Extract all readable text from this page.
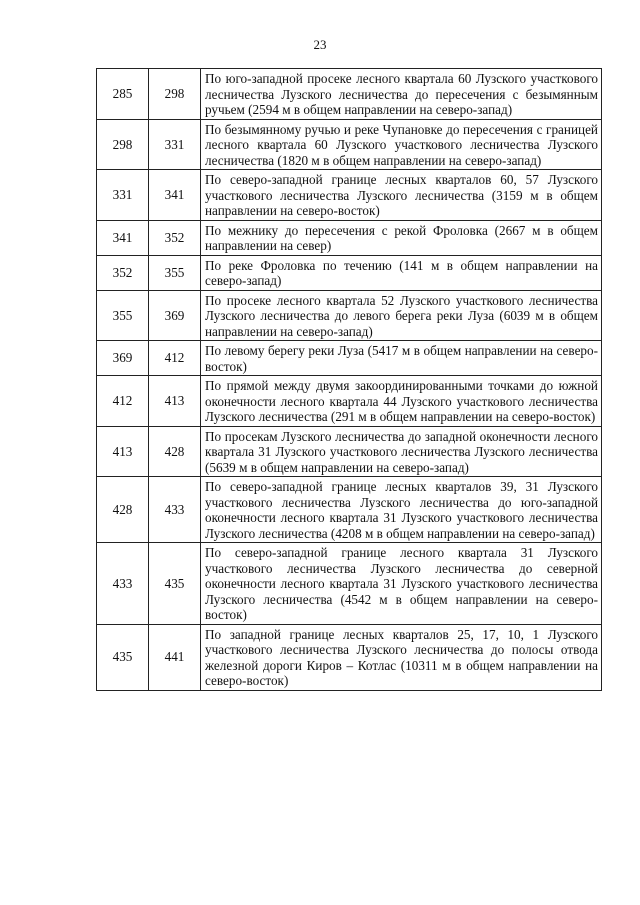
23
285	298	По юго-западной просеке лесного квартала 60 Лузского участкового лесничества Лузского лесничества до пересечения с безымянным ручьем (2594 м в общем направлении на северо-запад)
298	331	По безымянному ручью и реке Чупановке до пересечения с границей лесного квартала 60 Лузского участкового лесничества Лузского лесничества (1820 м в общем направлении на северо-запад)
331	341	По северо-западной границе лесных кварталов 60, 57 Лузского участкового лесничества Лузского лесничества (3159 м в общем направлении на северо-восток)
341	352	По межнику до пересечения с рекой Фроловка (2667 м в общем направлении на север)
352	355	По реке Фроловка по течению (141 м в общем направлении на северо-запад)
355	369	По просеке лесного квартала 52 Лузского участкового лесничества Лузского лесничества до левого берега реки Луза (6039 м в общем направлении на северо-запад)
369	412	По левому берегу реки Луза (5417 м в общем направлении на северо-восток)
412	413	По прямой между двумя закоординированными точками до южной оконечности лесного квартала 44 Лузского участкового лесничества Лузского лесничества (291 м в общем направлении на северо-восток)
413	428	По просекам Лузского лесничества до западной оконечности лесного квартала 31 Лузского участкового лесничества Лузского лесничества (5639 м в общем направлении на северо-запад)
428	433	По северо-западной границе лесных кварталов 39, 31 Лузского участкового лесничества Лузского лесничества до юго-западной оконечности лесного квартала 31 Лузского участкового лесничества Лузского лесничества (4208 м в общем направлении на северо-запад)
433	435	По северо-западной границе лесного квартала 31 Лузского участкового лесничества Лузского лесничества до северной оконечности лесного квартала 31 Лузского участкового лесничества Лузского лесничества (4542 м в общем направлении на северо-восток)
435	441	По западной границе лесных кварталов 25, 17, 10, 1 Лузского участкового лесничества Лузского лесничества до полосы отвода железной дороги Киров – Котлас (10311 м в общем направлении на северо-восток)
